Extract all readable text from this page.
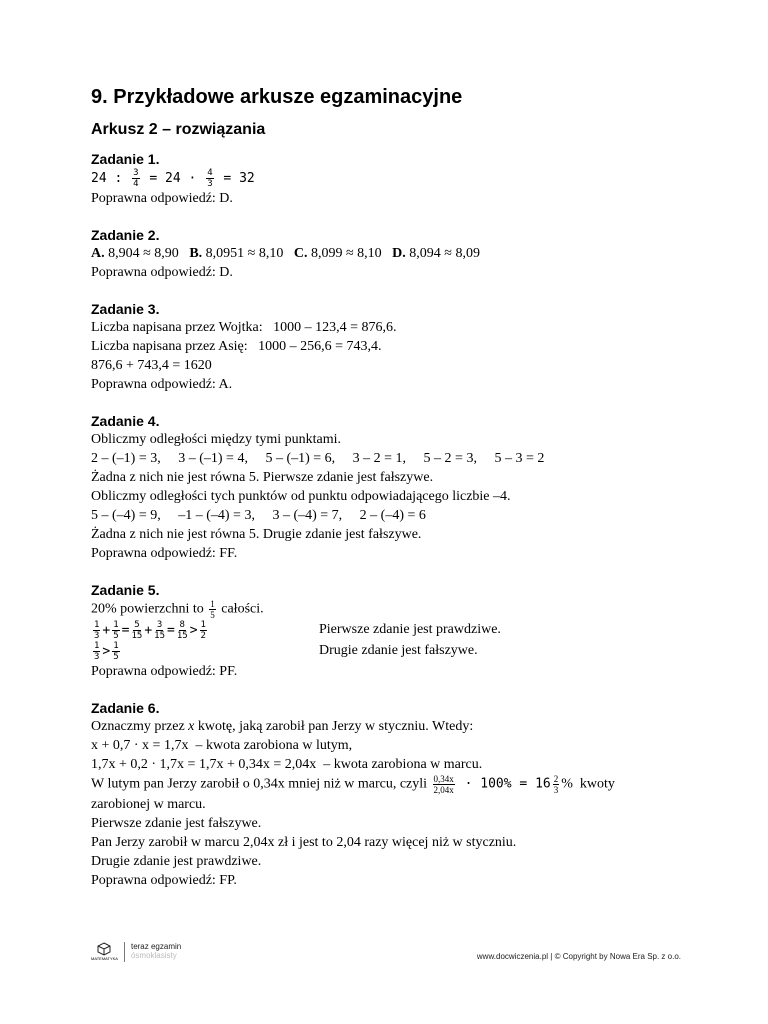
9. Przykładowe arkusze egzaminacyjne
Arkusz 2 – rozwiązania
Zadanie 1.
24 : $\frac{3}{4} = 24 \cdot \frac{4}{3} = 32$
Poprawna odpowiedź: D.
Zadanie 2.
A. 8,904 ≈ 8,90   B. 8,0951 ≈ 8,10   C. 8,099 ≈ 8,10   D. 8,094 ≈ 8,09
Poprawna odpowiedź: D.
Zadanie 3.
Liczba napisana przez Wojtka:   1000 – 123,4 = 876,6.
Liczba napisana przez Asię:   1000 – 256,6 = 743,4.
876,6 + 743,4 = 1620
Poprawna odpowiedź: A.
Zadanie 4.
Obliczmy odległości między tymi punktami.
2 – (–1) = 3,     3 – (–1) = 4,     5 – (–1) = 6,     3 – 2 = 1,     5 – 2 = 3,     5 – 3 = 2
Żadna z nich nie jest równa 5. Pierwsze zdanie jest fałszywe.
Obliczmy odległości tych punktów od punktu odpowiadającego liczbie –4.
5 – (–4) = 9,     –1 – (–4) = 3,     3 – (–4) = 7,     2 – (–4) = 6
Żadna z nich nie jest równa 5. Drugie zdanie jest fałszywe.
Poprawna odpowiedź: FF.
Zadanie 5.
20% powierzchni to $\frac{1}{5}$ całości.
$\frac{1}{3} + \frac{1}{5} = \frac{5}{15} + \frac{3}{15} = \frac{8}{15} > \frac{1}{2}$	Pierwsze zdanie jest prawdziwe.
$\frac{1}{3} > \frac{1}{5}$	Drugie zdanie jest fałszywe.
Poprawna odpowiedź: PF.
Zadanie 6.
Oznaczmy przez x kwotę, jaką zarobił pan Jerzy w styczniu. Wtedy:
x + 0,7 · x = 1,7x  – kwota zarobiona w lutym,
1,7x + 0,2 · 1,7x = 1,7x + 0,34x = 2,04x  – kwota zarobiona w marcu.
W lutym pan Jerzy zarobił o 0,34x mniej niż w marcu, czyli $\frac{0,34x}{2,04x} \cdot 100\% = 16 \frac{2}{3}$ %  kwoty
zarobionej w marcu.
Pierwsze zdanie jest fałszywe.
Pan Jerzy zarobił w marcu 2,04x zł i jest to 2,04 razy więcej niż w styczniu.
Drugie zdanie jest prawdziwe.
Poprawna odpowiedź: FP.
MATEMATYKA
teraz egzamin
ósmoklasisty	www.docwiczenia.pl | © Copyright by Nowa Era Sp. z o.o.
